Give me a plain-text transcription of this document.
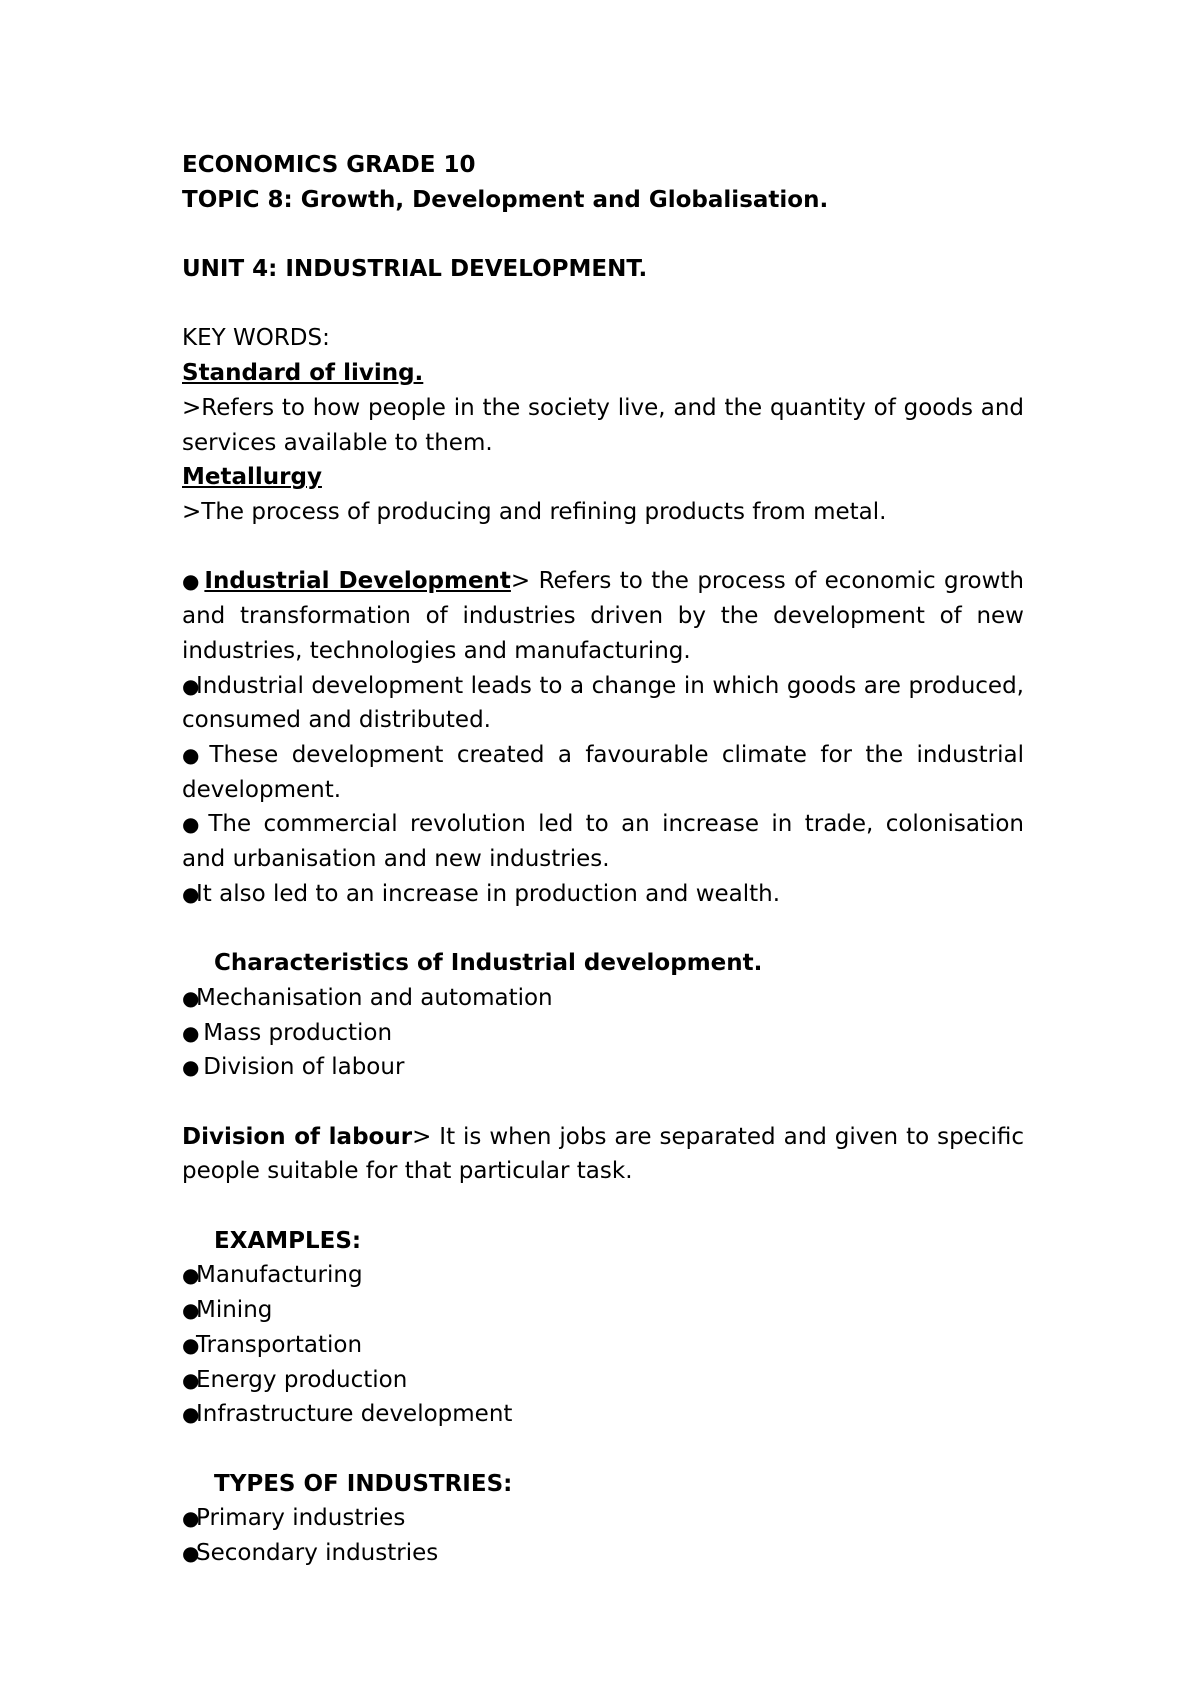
ECONOMICS GRADE 10
TOPIC 8: Growth, Development and Globalisation.
UNIT 4: INDUSTRIAL DEVELOPMENT.
KEY WORDS:
Standard of living.
>Refers to how people in the society live, and the quantity of goods and services available to them.
Metallurgy
>The process of producing and refining products from metal.
● Industrial Development> Refers to the process of economic growth and transformation of industries driven by the development of new industries, technologies and manufacturing.
●Industrial development leads to a change in which goods are produced, consumed and distributed.
● These development created a favourable climate for the industrial development.
● The commercial revolution led to an increase in trade, colonisation and urbanisation and new industries.
●It also led to an increase in production and wealth.
Characteristics of Industrial development.
●Mechanisation and automation
● Mass production
● Division of labour
Division of labour> It is when jobs are separated and given to specific people suitable for that particular task.
EXAMPLES:
●Manufacturing
●Mining
●Transportation
●Energy production
●Infrastructure development
TYPES OF INDUSTRIES:
●Primary industries
●Secondary industries
